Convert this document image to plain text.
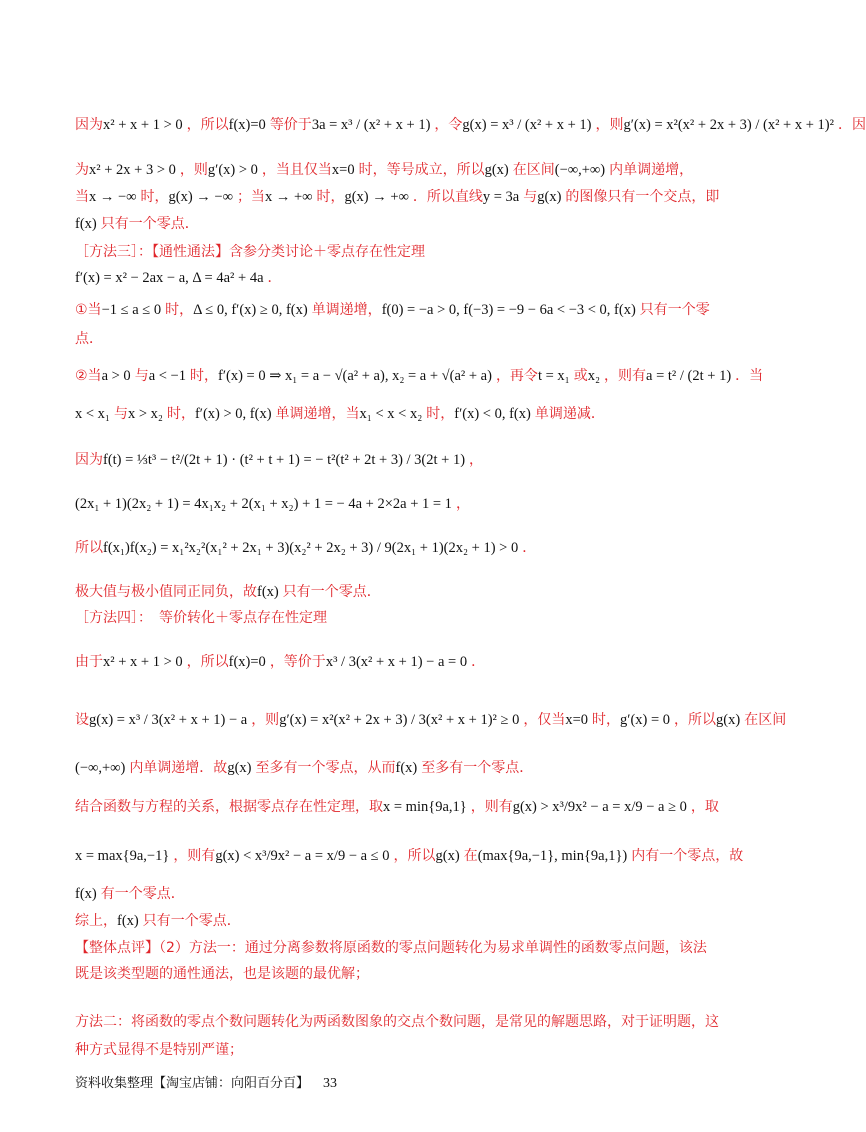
因为x² + x + 1 > 0 ，所以f(x)=0 等价于3a = x³ / (x² + x + 1) ，令g(x) = x³ / (x² + x + 1) ，则g′(x) = x²(x² + 2x + 3) / (x² + x + 1)² ．因
为x² + 2x + 3 > 0 ，则g′(x) > 0 ，当且仅当x=0 时，等号成立，所以g(x) 在区间(−∞,+∞) 内单调递增，
当x → −∞ 时，g(x) → −∞ ；当x → +∞ 时，g(x) → +∞ ．所以直线y = 3a 与g(x) 的图像只有一个交点，即
f(x) 只有一个零点．
［方法三］：【通性通法】含参分类讨论＋零点存在性定理
f′(x) = x² − 2ax − a, Δ = 4a² + 4a ．
①当−1 ≤ a ≤ 0 时，Δ ≤ 0, f′(x) ≥ 0, f(x) 单调递增，f(0) = −a > 0, f(−3) = −9 − 6a < −3 < 0, f(x) 只有一个零
点．
②当a > 0 与a < −1 时，f′(x) = 0 ⇒ x₁ = a − √(a² + a), x₂ = a + √(a² + a) ，再令t = x₁ 或x₂ ，则有a = t² / (2t + 1) ．当
x < x₁ 与x > x₂ 时，f′(x) > 0, f(x) 单调递增，当x₁ < x < x₂ 时，f′(x) < 0, f(x) 单调递减．
因为f(t) = ⅓t³ − t²/(2t + 1) · (t² + t + 1) = − t²(t² + 2t + 3) / 3(2t + 1) ，
(2x₁ + 1)(2x₂ + 1) = 4x₁x₂ + 2(x₁ + x₂) + 1 = − 4a + 2×2a + 1 = 1 ，
所以f(x₁)f(x₂) = x₁²x₂²(x₁² + 2x₁ + 3)(x₂² + 2x₂ + 3) / 9(2x₁ + 1)(2x₂ + 1) > 0 ．
极大值与极小值同正同负，故f(x) 只有一个零点．
［方法四］：　等价转化＋零点存在性定理
由于x² + x + 1 > 0 ，所以f(x)=0 ，等价于x³ / 3(x² + x + 1) − a = 0 ．
设g(x) = x³ / 3(x² + x + 1) − a ，则g′(x) = x²(x² + 2x + 3) / 3(x² + x + 1)² ≥ 0 ，仅当x=0 时，g′(x) = 0 ，所以g(x) 在区间
(−∞,+∞) 内单调递增．故g(x) 至多有一个零点，从而f(x) 至多有一个零点．
结合函数与方程的关系，根据零点存在性定理，取x = min{9a,1} ，则有g(x) > x³/9x² − a = x/9 − a ≥ 0 ，取
x = max{9a,−1} ，则有g(x) < x³/9x² − a = x/9 − a ≤ 0 ，所以g(x) 在(max{9a,−1}, min{9a,1}) 内有一个零点，故
f(x) 有一个零点．
综上，f(x) 只有一个零点．
【整体点评】（2）方法一：通过分离参数将原函数的零点问题转化为易求单调性的函数零点问题，该法
既是该类型题的通性通法，也是该题的最优解；
方法二：将函数的零点个数问题转化为两函数图象的交点个数问题，是常见的解题思路，对于证明题，这
种方式显得不是特别严谨；
资料收集整理【淘宝店铺：向阳百分百】 33
